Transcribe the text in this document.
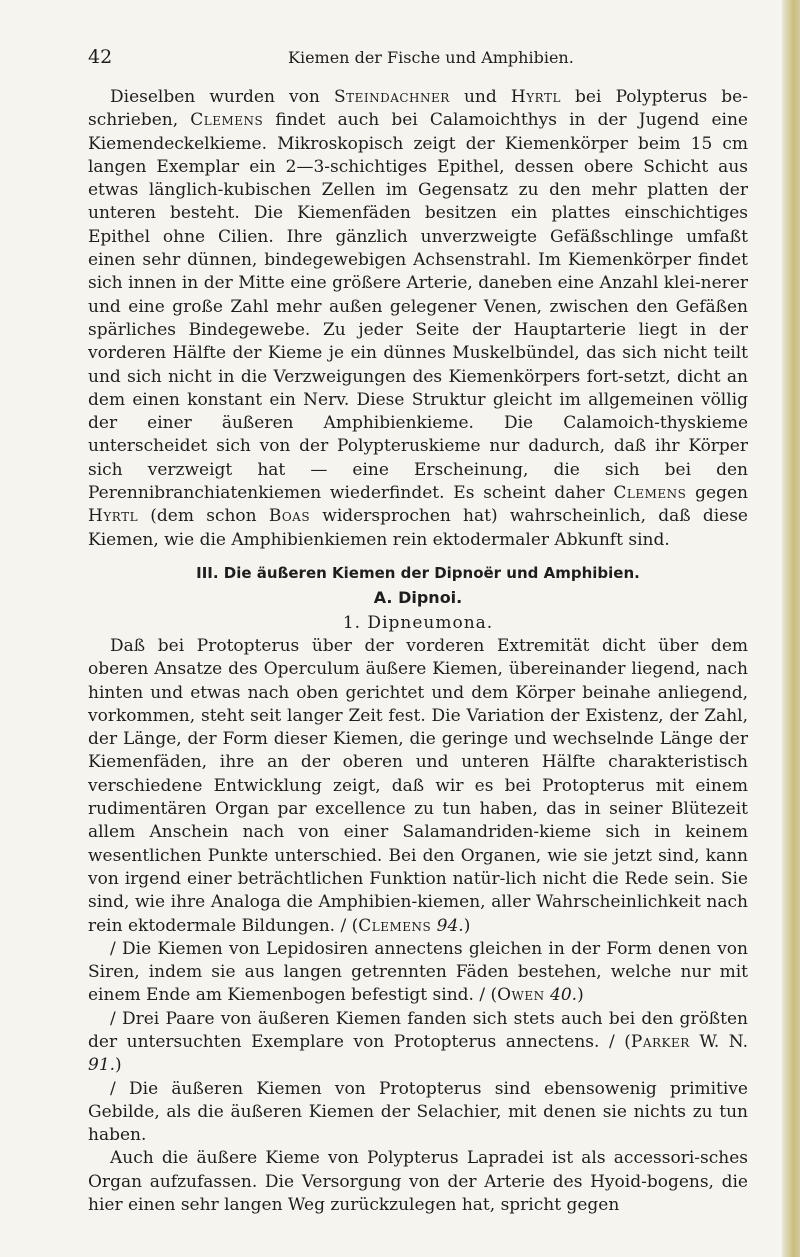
42	Kiemen der Fische und Amphibien.

Dieselben wurden von Steindachner und Hyrtl bei Polypterus be-schrieben, Clemens findet auch bei Calamoichthys in der Jugend eine Kiemendeckelkieme. Mikroskopisch zeigt der Kiemenkörper beim 15 cm langen Exemplar ein 2—3-schichtiges Epithel, dessen obere Schicht aus etwas länglich-kubischen Zellen im Gegensatz zu den mehr platten der unteren besteht. Die Kiemenfäden besitzen ein plattes einschichtiges Epithel ohne Cilien. Ihre gänzlich unverzweigte Gefäßschlinge umfaßt einen sehr dünnen, bindegewebigen Achsenstrahl. Im Kiemenkörper findet sich innen in der Mitte eine größere Arterie, daneben eine Anzahl klei-nerer und eine große Zahl mehr außen gelegener Venen, zwischen den Gefäßen spärliches Bindegewebe. Zu jeder Seite der Hauptarterie liegt in der vorderen Hälfte der Kieme je ein dünnes Muskelbündel, das sich nicht teilt und sich nicht in die Verzweigungen des Kiemenkörpers fort-setzt, dicht an dem einen konstant ein Nerv. Diese Struktur gleicht im allgemeinen völlig der einer äußeren Amphibienkieme. Die Calamoich-thyskieme unterscheidet sich von der Polypteruskieme nur dadurch, daß ihr Körper sich verzweigt hat — eine Erscheinung, die sich bei den Perennibranchiatenkiemen wiederfindet. Es scheint daher Clemens gegen Hyrtl (dem schon Boas widersprochen hat) wahrscheinlich, daß diese Kiemen, wie die Amphibienkiemen rein ektodermaler Abkunft sind.

III. Die äußeren Kiemen der Dipnoër und Amphibien.
A. Dipnoi.
1. Dipneumona.

Daß bei Protopterus über der vorderen Extremität dicht über dem oberen Ansatze des Operculum äußere Kiemen, übereinander liegend, nach hinten und etwas nach oben gerichtet und dem Körper beinahe anliegend, vorkommen, steht seit langer Zeit fest. Die Variation der Existenz, der Zahl, der Länge, der Form dieser Kiemen, die geringe und wechselnde Länge der Kiemenfäden, ihre an der oberen und unteren Hälfte charakteristisch verschiedene Entwicklung zeigt, daß wir es bei Protopterus mit einem rudimentären Organ par excellence zu tun haben, das in seiner Blütezeit allem Anschein nach von einer Salamandriden-kieme sich in keinem wesentlichen Punkte unterschied. Bei den Organen, wie sie jetzt sind, kann von irgend einer beträchtlichen Funktion natür-lich nicht die Rede sein. Sie sind, wie ihre Analoga die Amphibien-kiemen, aller Wahrscheinlichkeit nach rein ektodermale Bildungen. / (Clemens 94.)

/ Die Kiemen von Lepidosiren annectens gleichen in der Form denen von Siren, indem sie aus langen getrennten Fäden bestehen, welche nur mit einem Ende am Kiemenbogen befestigt sind. / (Owen 40.)

/ Drei Paare von äußeren Kiemen fanden sich stets auch bei den größten der untersuchten Exemplare von Protopterus annectens. / (Parker W. N. 91.)

/ Die äußeren Kiemen von Protopterus sind ebensowenig primitive Gebilde, als die äußeren Kiemen der Selachier, mit denen sie nichts zu tun haben.

Auch die äußere Kieme von Polypterus Lapradei ist als accessori-sches Organ aufzufassen. Die Versorgung von der Arterie des Hyoid-bogens, die hier einen sehr langen Weg zurückzulegen hat, spricht gegen
